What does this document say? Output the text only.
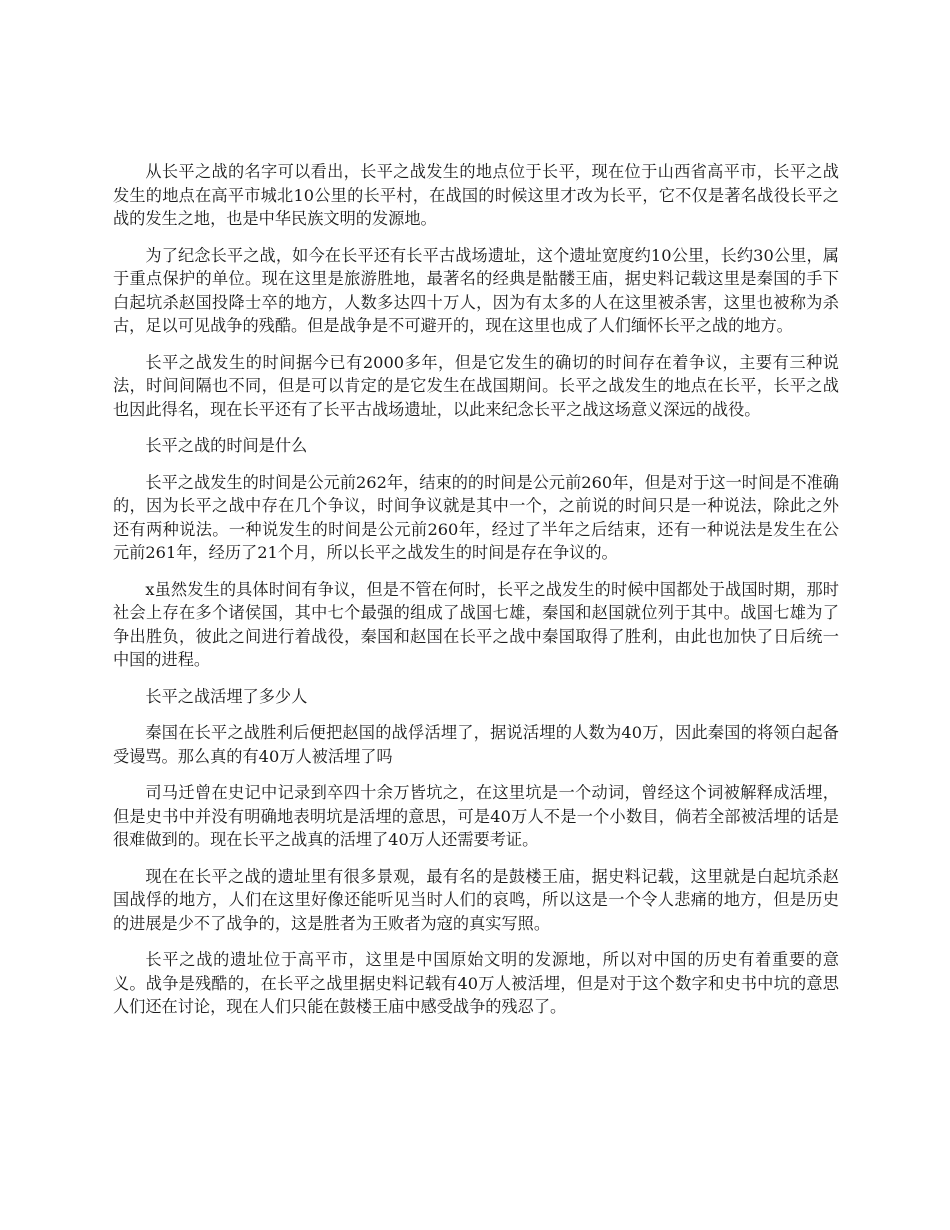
从长平之战的名字可以看出，长平之战发生的地点位于长平，现在位于山西省高平市，长平之战发生的地点在高平市城北10公里的长平村，在战国的时候这里才改为长平，它不仅是著名战役长平之战的发生之地，也是中华民族文明的发源地。

为了纪念长平之战，如今在长平还有长平古战场遗址，这个遗址宽度约10公里，长约30公里，属于重点保护的单位。现在这里是旅游胜地，最著名的经典是骷髅王庙，据史料记载这里是秦国的手下白起坑杀赵国投降士卒的地方，人数多达四十万人，因为有太多的人在这里被杀害，这里也被称为杀古，足以可见战争的残酷。但是战争是不可避开的，现在这里也成了人们缅怀长平之战的地方。

长平之战发生的时间据今已有2000多年，但是它发生的确切的时间存在着争议，主要有三种说法，时间间隔也不同，但是可以肯定的是它发生在战国期间。长平之战发生的地点在长平，长平之战也因此得名，现在长平还有了长平古战场遗址，以此来纪念长平之战这场意义深远的战役。

长平之战的时间是什么

长平之战发生的时间是公元前262年，结束的的时间是公元前260年，但是对于这一时间是不准确的，因为长平之战中存在几个争议，时间争议就是其中一个，之前说的时间只是一种说法，除此之外还有两种说法。一种说发生的时间是公元前260年，经过了半年之后结束，还有一种说法是发生在公元前261年，经历了21个月，所以长平之战发生的时间是存在争议的。

x虽然发生的具体时间有争议，但是不管在何时，长平之战发生的时候中国都处于战国时期，那时社会上存在多个诸侯国，其中七个最强的组成了战国七雄，秦国和赵国就位列于其中。战国七雄为了争出胜负，彼此之间进行着战役，秦国和赵国在长平之战中秦国取得了胜利，由此也加快了日后统一中国的进程。

长平之战活埋了多少人

秦国在长平之战胜利后便把赵国的战俘活埋了，据说活埋的人数为40万，因此秦国的将领白起备受谩骂。那么真的有40万人被活埋了吗

司马迁曾在史记中记录到卒四十余万皆坑之，在这里坑是一个动词，曾经这个词被解释成活埋，但是史书中并没有明确地表明坑是活埋的意思，可是40万人不是一个小数目，倘若全部被活埋的话是很难做到的。现在长平之战真的活埋了40万人还需要考证。

现在在长平之战的遗址里有很多景观，最有名的是鼓楼王庙，据史料记载，这里就是白起坑杀赵国战俘的地方，人们在这里好像还能听见当时人们的哀鸣，所以这是一个令人悲痛的地方，但是历史的进展是少不了战争的，这是胜者为王败者为寇的真实写照。

长平之战的遗址位于高平市，这里是中国原始文明的发源地，所以对中国的历史有着重要的意义。战争是残酷的，在长平之战里据史料记载有40万人被活埋，但是对于这个数字和史书中坑的意思人们还在讨论，现在人们只能在鼓楼王庙中感受战争的残忍了。
